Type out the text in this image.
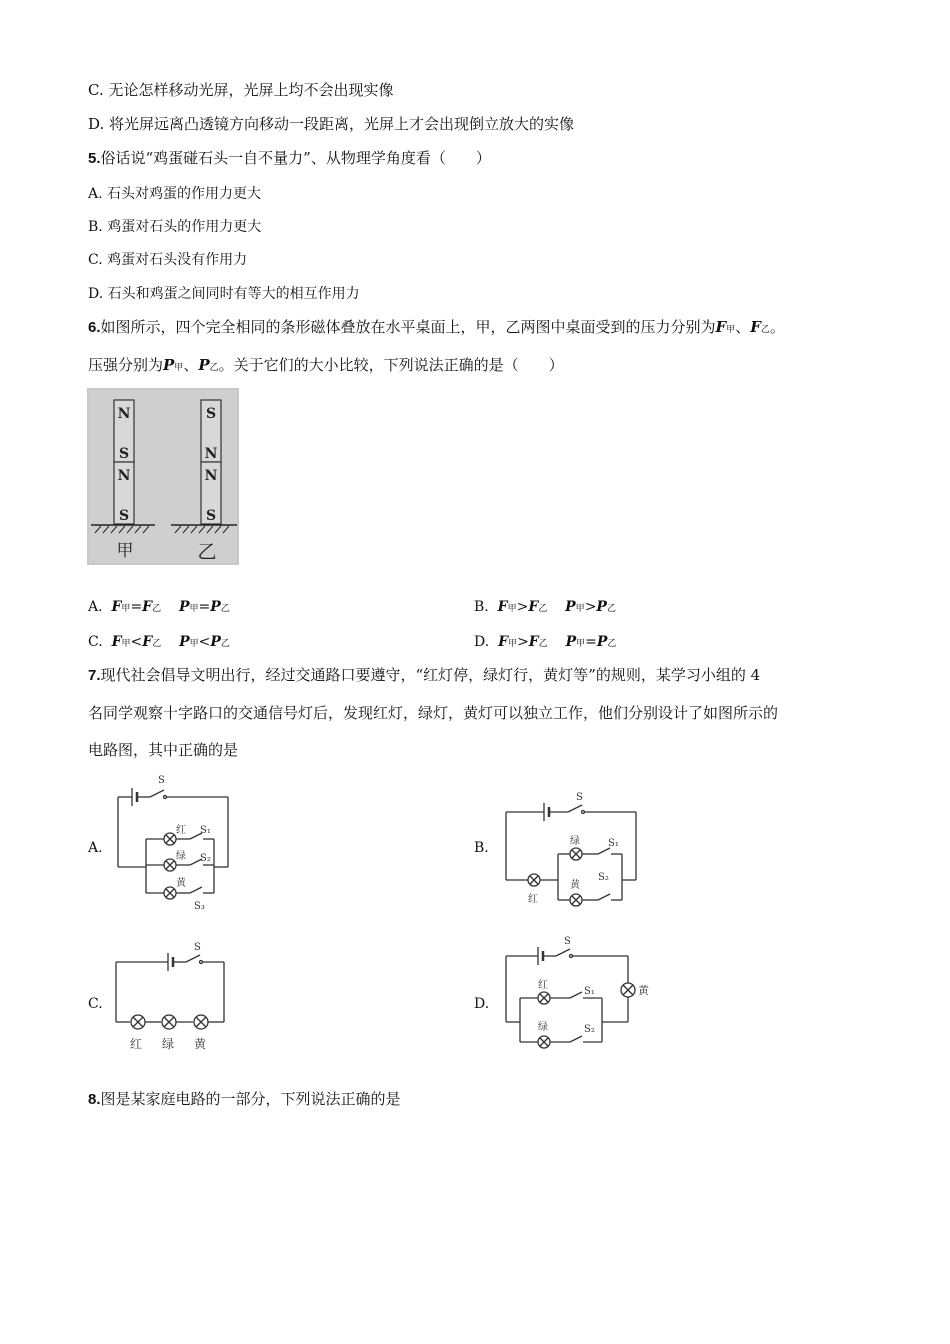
C. 无论怎样移动光屏，光屏上均不会出现实像
D. 将光屏远离凸透镜方向移动一段距离，光屏上才会出现倒立放大的实像
5.俗话说“鸡蛋碰石头一自不量力”、从物理学角度看（　　）
A. 石头对鸡蛋的作用力更大
B. 鸡蛋对石头的作用力更大
C. 鸡蛋对石头没有作用力
D. 石头和鸡蛋之间同时有等大的相互作用力
6.如图所示，四个完全相同的条形磁体叠放在水平桌面上，甲，乙两图中桌面受到的压力分别为F甲、F乙。
压强分别为P甲、P乙。关于它们的大小比较，下列说法正确的是（　　）
N
S
N
S
S
N
N
S
甲	乙
A. F甲=F乙 P甲=P乙	B. F甲>F乙 P甲>P乙
C. F甲<F乙 P甲<P乙	D. F甲>F乙 P甲=P乙
7.现代社会倡导文明出行，经过交通路口要遵守，“红灯停，绿灯行，黄灯等”的规则，某学习小组的 4
名同学观察十字路口的交通信号灯后，发现红灯，绿灯，黄灯可以独立工作，他们分别设计了如图所示的
电路图，其中正确的是
A.	B.
C.	D.
S
红 S₁
绿 S₂
黄
S₃
S
绿	S₁
黄
S₂
红
S
红 绿 黄
S
红
S₁
绿	S₂
黄
8.图是某家庭电路的一部分，下列说法正确的是
